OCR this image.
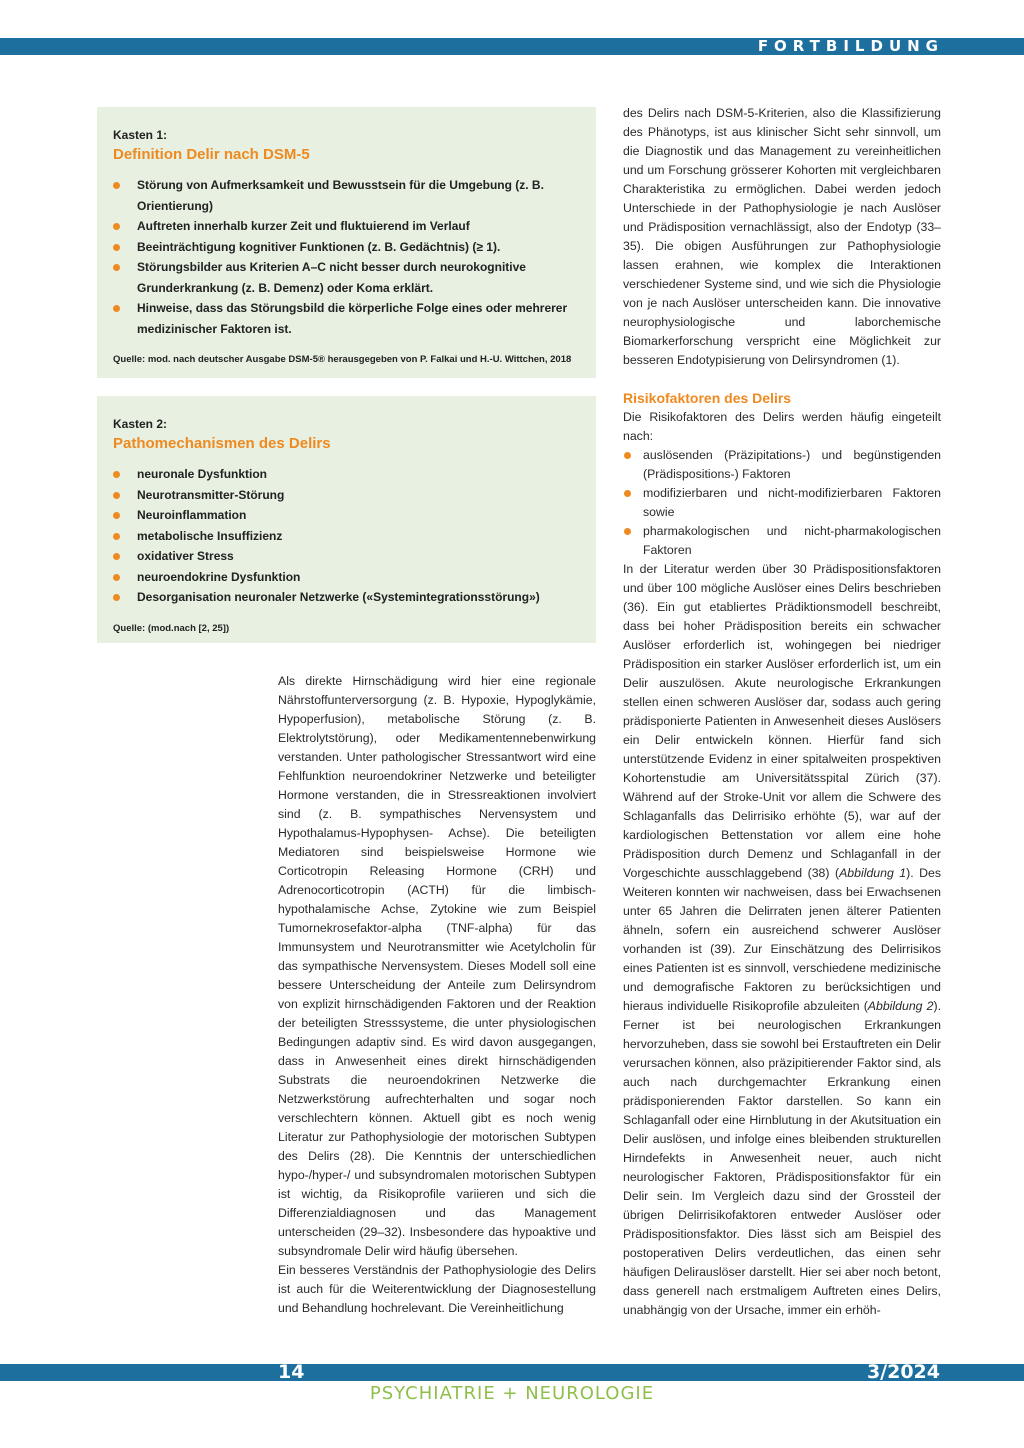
FORTBILDUNG
Kasten 1:
Definition Delir nach DSM-5
Störung von Aufmerksamkeit und Bewusstsein für die Umgebung (z. B. Orientierung)
Auftreten innerhalb kurzer Zeit und fluktuierend im Verlauf
Beeinträchtigung kognitiver Funktionen (z. B. Gedächtnis) (≥ 1).
Störungsbilder aus Kriterien A–C nicht besser durch neurokognitive Grunderkrankung (z. B. Demenz) oder Koma erklärt.
Hinweise, dass das Störungsbild die körperliche Folge eines oder mehrerer medizinischer Faktoren ist.
Quelle: mod. nach deutscher Ausgabe DSM-5® herausgegeben von P. Falkai und H.-U. Wittchen, 2018
Kasten 2:
Pathomechanismen des Delirs
neuronale Dysfunktion
Neurotransmitter-Störung
Neuroinflammation
metabolische Insuffizienz
oxidativer Stress
neuroendokrine Dysfunktion
Desorganisation neuronaler Netzwerke («Systemintegrationsstörung»)
Quelle: (mod.nach [2, 25])

Als direkte Hirnschädigung wird hier eine regionale Nährstoffunterversorgung (z. B. Hypoxie, Hypoglykämie, Hypoperfusion), metabolische Störung (z. B. Elektrolytstörung), oder Medikamentennebenwirkung verstanden. Unter pathologischer Stressantwort wird eine Fehlfunktion neuroendokriner Netzwerke und beteiligter Hormone verstanden, die in Stressreaktionen involviert sind (z. B. sympathisches Nervensystem und Hypothalamus-Hypophysen- Achse). Die beteiligten Mediatoren sind beispielsweise Hormone wie Corticotropin Releasing Hormone (CRH) und Adrenocorticotropin (ACTH) für die limbisch-hypothalamische Achse, Zytokine wie zum Beispiel Tumornekrosefaktor-alpha (TNF-alpha) für das Immunsystem und Neurotransmitter wie Acetylcholin für das sympathische Nervensystem. Dieses Modell soll eine bessere Unterscheidung der Anteile zum Delirsyndrom von explizit hirnschädigenden Faktoren und der Reaktion der beteiligten Stresssysteme, die unter physiologischen Bedingungen adaptiv sind. Es wird davon ausgegangen, dass in Anwesenheit eines direkt hirnschädigenden Substrats die neuroendokrinen Netzwerke die Netzwerkstörung aufrechterhalten und sogar noch verschlechtern können. Aktuell gibt es noch wenig Literatur zur Pathophysiologie der motorischen Subtypen des Delirs (28). Die Kenntnis der unterschiedlichen hypo-/hyper-/ und subsyndromalen motorischen Subtypen ist wichtig, da Risikoprofile variieren und sich die Differenzialdiagnosen und das Management unterscheiden (29–32). Insbesondere das hypoaktive und subsyndromale Delir wird häufig übersehen.

Ein besseres Verständnis der Pathophysiologie des Delirs ist auch für die Weiterentwicklung der Diagnosestellung und Behandlung hochrelevant. Die Vereinheitlichung

des Delirs nach DSM-5-Kriterien, also die Klassifizierung des Phänotyps, ist aus klinischer Sicht sehr sinnvoll, um die Diagnostik und das Management zu vereinheitlichen und um Forschung grösserer Kohorten mit vergleichbaren Charakteristika zu ermöglichen. Dabei werden jedoch Unterschiede in der Pathophysiologie je nach Auslöser und Prädisposition vernachlässigt, also der Endotyp (33–35). Die obigen Ausführungen zur Pathophysiologie lassen erahnen, wie komplex die Interaktionen verschiedener Systeme sind, und wie sich die Physiologie von je nach Auslöser unterscheiden kann. Die innovative neurophysiologische und laborchemische Biomarkerforschung verspricht eine Möglichkeit zur besseren Endotypisierung von Delirsyndromen (1).

Risikofaktoren des Delirs

Die Risikofaktoren des Delirs werden häufig eingeteilt nach:

auslösenden (Präzipitations-) und begünstigenden (Prädispositions-) Faktoren
modifizierbaren und nicht-modifizierbaren Faktoren sowie
pharmakologischen und nicht-pharmakologischen Faktoren

In der Literatur werden über 30 Prädispositionsfaktoren und über 100 mögliche Auslöser eines Delirs beschrieben (36). Ein gut etabliertes Prädiktionsmodell beschreibt, dass bei hoher Prädisposition bereits ein schwacher Auslöser erforderlich ist, wohingegen bei niedriger Prädisposition ein starker Auslöser erforderlich ist, um ein Delir auszulösen. Akute neurologische Erkrankungen stellen einen schweren Auslöser dar, sodass auch gering prädisponierte Patienten in Anwesenheit dieses Auslösers ein Delir entwickeln können. Hierfür fand sich unterstützende Evidenz in einer spitalweiten prospektiven Kohortenstudie am Universitätsspital Zürich (37). Während auf der Stroke-Unit vor allem die Schwere des Schlaganfalls das Delirrisiko erhöhte (5), war auf der kardiologischen Bettenstation vor allem eine hohe Prädisposition durch Demenz und Schlaganfall in der Vorgeschichte ausschlaggebend (38) (Abbildung 1). Des Weiteren konnten wir nachweisen, dass bei Erwachsenen unter 65 Jahren die Delirraten jenen älterer Patienten ähneln, sofern ein ausreichend schwerer Auslöser vorhanden ist (39). Zur Einschätzung des Delirrisikos eines Patienten ist es sinnvoll, verschiedene medizinische und demografische Faktoren zu berücksichtigen und hieraus individuelle Risikoprofile abzuleiten (Abbildung 2). Ferner ist bei neurologischen Erkrankungen hervorzuheben, dass sie sowohl bei Erstauftreten ein Delir verursachen können, also präzipitierender Faktor sind, als auch nach durchgemachter Erkrankung einen prädisponierenden Faktor darstellen. So kann ein Schlaganfall oder eine Hirnblutung in der Akutsituation ein Delir auslösen, und infolge eines bleibenden strukturellen Hirndefekts in Anwesenheit neuer, auch nicht neurologischer Faktoren, Prädispositionsfaktor für ein Delir sein. Im Vergleich dazu sind der Grossteil der übrigen Delirrisikofaktoren entweder Auslöser oder Prädispositionsfaktor. Dies lässt sich am Beispiel des postoperativen Delirs verdeutlichen, das einen sehr häufigen Delirauslöser darstellt. Hier sei aber noch betont, dass generell nach erstmaligem Auftreten eines Delirs, unabhängig von der Ursache, immer ein erhöh-

14	3/2024
PSYCHIATRIE + NEUROLOGIE
